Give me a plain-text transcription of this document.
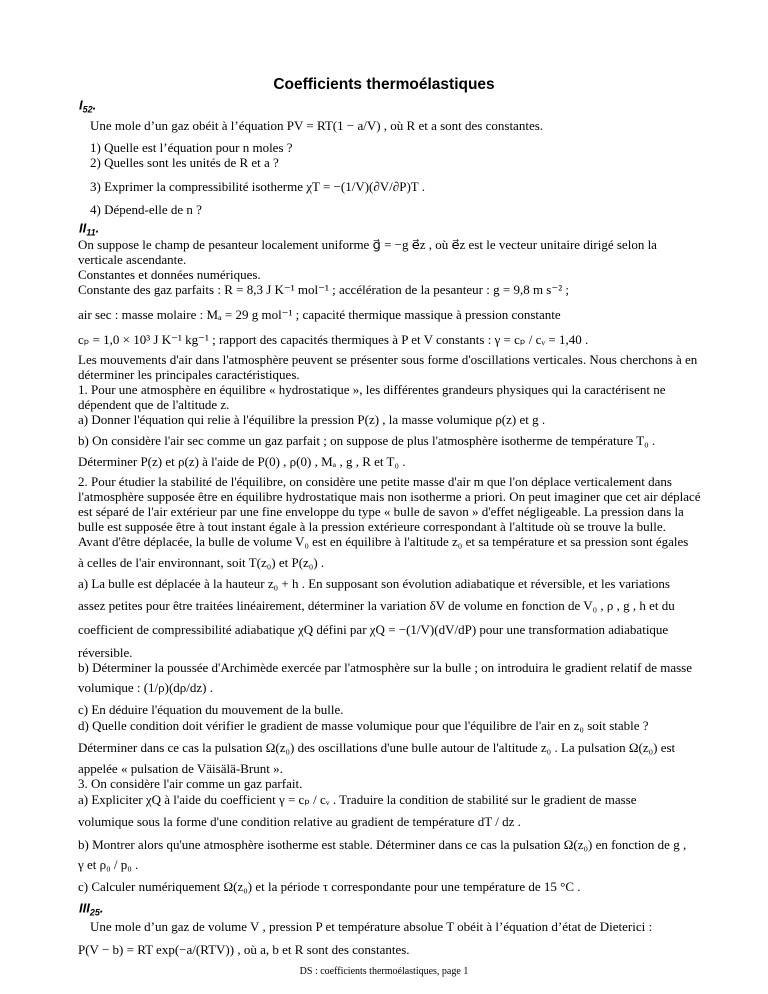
Coefficients thermoélastiques
$I_{52}$.
Une mole d’un gaz obéit à l’équation PV = RT(1 − a/V) , où R et a sont des constantes.
1) Quelle est l’équation pour n moles ?
2) Quelles sont les unités de R et a ?
3) Exprimer la compressibilité isotherme χT = −(1/V)(∂V/∂P)T .
4) Dépend-elle de n ?
$II_{11}$.
On suppose le champ de pesanteur localement uniforme g⃗ = −g e⃗z , où e⃗z est le vecteur unitaire dirigé selon la
verticale ascendante.
Constantes et données numériques.
Constante des gaz parfaits : R = 8,3 J K⁻¹ mol⁻¹ ; accélération de la pesanteur : g = 9,8 m s⁻² ;
air sec : masse molaire : Mₐ = 29 g mol⁻¹ ; capacité thermique massique à pression constante
cₚ = 1,0 × 10³ J K⁻¹ kg⁻¹ ; rapport des capacités thermiques à P et V constants : γ = cₚ / cᵥ = 1,40 .
Les mouvements d'air dans l'atmosphère peuvent se présenter sous forme d'oscillations verticales. Nous cherchons à en
déterminer les principales caractéristiques.
1. Pour une atmosphère en équilibre « hydrostatique », les différentes grandeurs physiques qui la caractérisent ne
dépendent que de l'altitude z.
a) Donner l'équation qui relie à l'équilibre la pression P(z) , la masse volumique ρ(z) et g .
b) On considère l'air sec comme un gaz parfait ; on suppose de plus l'atmosphère isotherme de température T₀ .
Déterminer P(z) et ρ(z) à l'aide de P(0) , ρ(0) , Mₐ , g , R et T₀ .
2. Pour étudier la stabilité de l'équilibre, on considère une petite masse d'air m que l'on déplace verticalement dans
l'atmosphère supposée être en équilibre hydrostatique mais non isotherme a priori. On peut imaginer que cet air déplacé
est séparé de l'air extérieur par une fine enveloppe du type « bulle de savon » d'effet négligeable. La pression dans la
bulle est supposée être à tout instant égale à la pression extérieure correspondant à l'altitude où se trouve la bulle.
Avant d'être déplacée, la bulle de volume V₀ est en équilibre à l'altitude z₀ et sa température et sa pression sont égales
à celles de l'air environnant, soit T(z₀) et P(z₀) .
a) La bulle est déplacée à la hauteur z₀ + h . En supposant son évolution adiabatique et réversible, et les variations
assez petites pour être traitées linéairement, déterminer la variation δV de volume en fonction de V₀ , ρ , g , h et du
coefficient de compressibilité adiabatique χQ défini par χQ = −(1/V)(dV/dP) pour une transformation adiabatique
réversible.
b) Déterminer la poussée d'Archimède exercée par l'atmosphère sur la bulle ; on introduira le gradient relatif de masse
volumique : (1/ρ)(dρ/dz) .
c) En déduire l'équation du mouvement de la bulle.
d) Quelle condition doit vérifier le gradient de masse volumique pour que l'équilibre de l'air en z₀ soit stable ?
Déterminer dans ce cas la pulsation Ω(z₀) des oscillations d'une bulle autour de l'altitude z₀ . La pulsation Ω(z₀) est
appelée « pulsation de Väisälä-Brunt ».
3. On considère l'air comme un gaz parfait.
a) Expliciter χQ à l'aide du coefficient γ = cₚ / cᵥ . Traduire la condition de stabilité sur le gradient de masse
volumique sous la forme d'une condition relative au gradient de température dT / dz .
b) Montrer alors qu'une atmosphère isotherme est stable. Déterminer dans ce cas la pulsation Ω(z₀) en fonction de g ,
γ et ρ₀ / p₀ .
c) Calculer numériquement Ω(z₀) et la période τ correspondante pour une température de 15 °C .
$III_{25}$.
Une mole d’un gaz de volume V , pression P et température absolue T obéit à l’équation d’état de Dieterici :
P(V − b) = RT exp(−a/(RTV)) , où a, b et R sont des constantes.
DS : coefficients thermoélastiques, page 1
